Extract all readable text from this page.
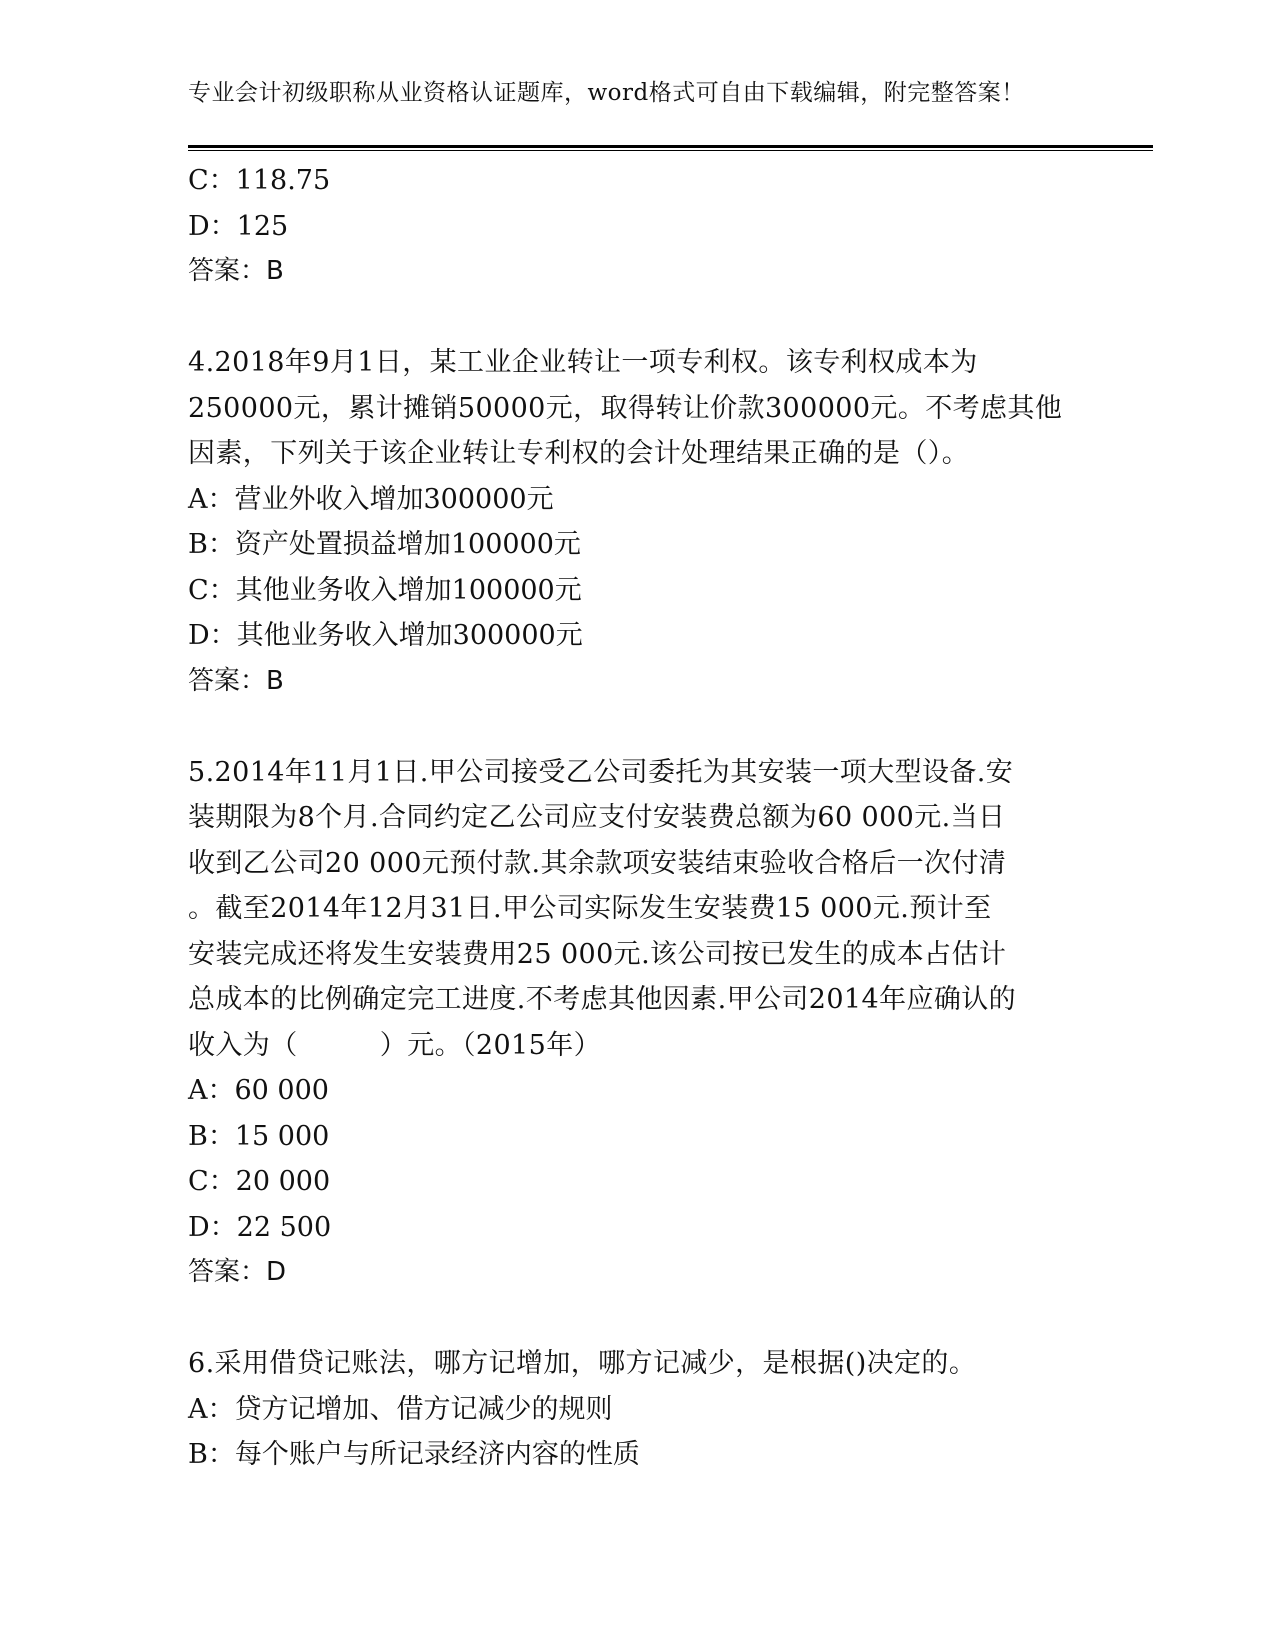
专业会计初级职称从业资格认证题库，word格式可自由下载编辑，附完整答案！
C：118.75
D：125
答案：B
4.2018年9月1日，某工业企业转让一项专利权。该专利权成本为
250000元，累计摊销50000元，取得转让价款300000元。不考虑其他
因素，下列关于该企业转让专利权的会计处理结果正确的是（）。
A：营业外收入增加300000元
B：资产处置损益增加100000元
C：其他业务收入增加100000元
D：其他业务收入增加300000元
答案：B
5.2014年11月1日.甲公司接受乙公司委托为其安装一项大型设备.安
装期限为8个月.合同约定乙公司应支付安装费总额为60 000元.当日
收到乙公司20 000元预付款.其余款项安装结束验收合格后一次付清
。截至2014年12月31日.甲公司实际发生安装费15 000元.预计至
安装完成还将发生安装费用25 000元.该公司按已发生的成本占估计
总成本的比例确定完工进度.不考虑其他因素.甲公司2014年应确认的
收入为（　　　）元。（2015年）
A：60 000
B：15 000
C：20 000
D：22 500
答案：D
6.采用借贷记账法，哪方记增加，哪方记减少，是根据()决定的。
A：贷方记增加、借方记减少的规则
B：每个账户与所记录经济内容的性质
